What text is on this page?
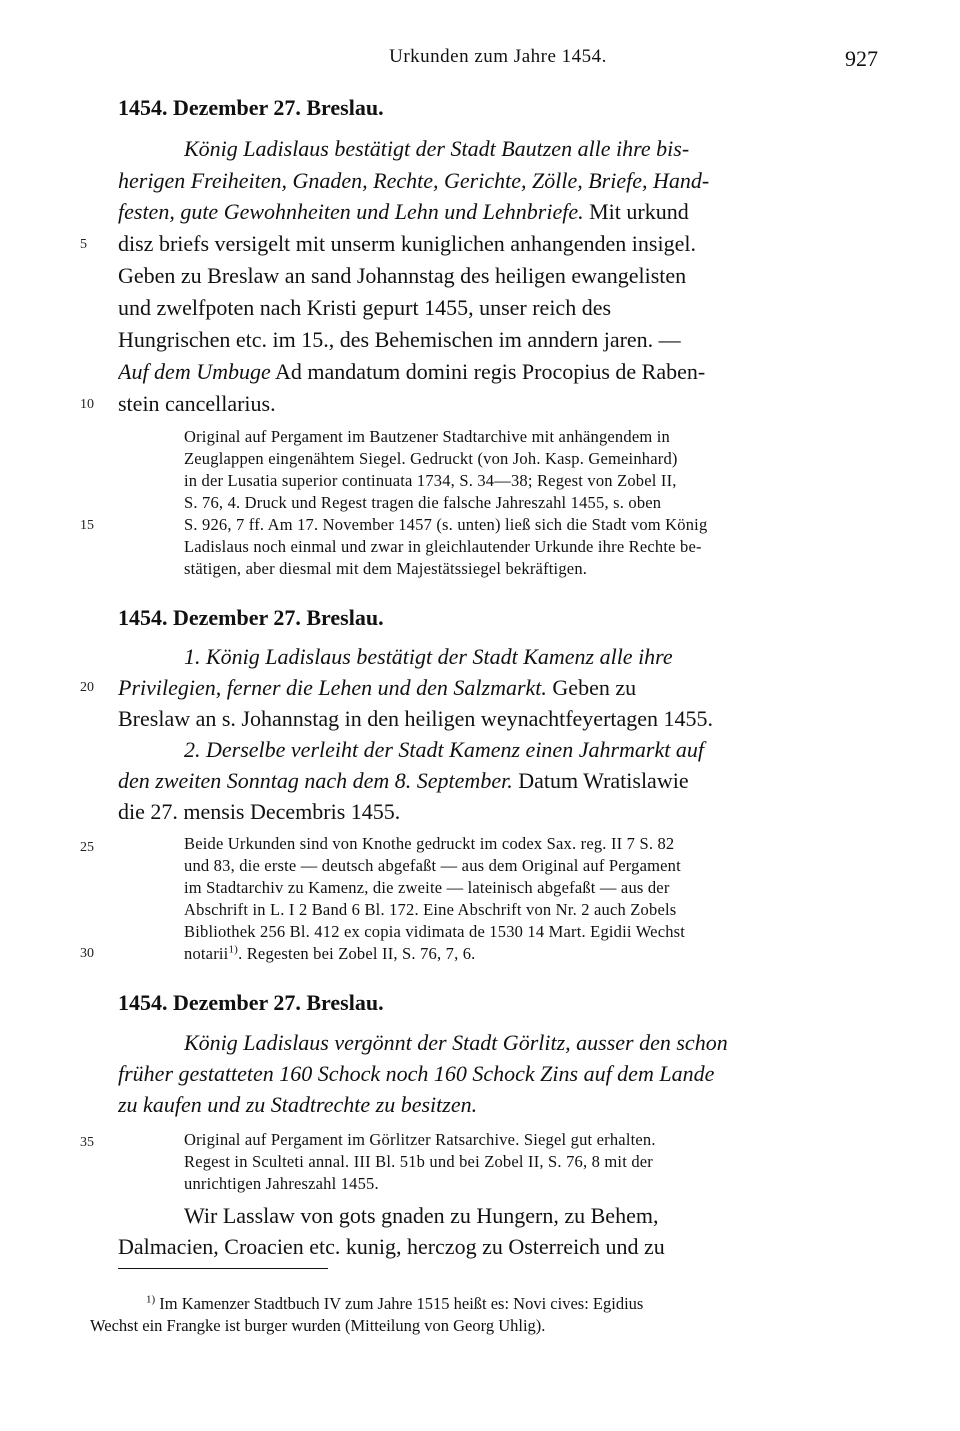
Urkunden zum Jahre 1454.	927
5
10
15
20
25
30
35
1454. Dezember 27. Breslau.
König Ladislaus bestätigt der Stadt Bautzen alle ihre bis-
herigen Freiheiten, Gnaden, Rechte, Gerichte, Zölle, Briefe, Hand-
festen, gute Gewohnheiten und Lehn und Lehnbriefe. Mit urkund
disz briefs versigelt mit unserm kuniglichen anhangenden insigel.
Geben zu Breslaw an sand Johannstag des heiligen ewangelisten
und zwelfpoten nach Kristi gepurt 1455, unser reich des
Hungrischen etc. im 15., des Behemischen im anndern jaren. —
Auf dem Umbuge Ad mandatum domini regis Procopius de Raben-
stein cancellarius.
Original auf Pergament im Bautzener Stadtarchive mit anhängendem in
Zeuglappen eingenähtem Siegel. Gedruckt (von Joh. Kasp. Gemeinhard)
in der Lusatia superior continuata 1734, S. 34—38; Regest von Zobel II,
S. 76, 4. Druck und Regest tragen die falsche Jahreszahl 1455, s. oben
S. 926, 7 ff. Am 17. November 1457 (s. unten) ließ sich die Stadt vom König
Ladislaus noch einmal und zwar in gleichlautender Urkunde ihre Rechte be-
stätigen, aber diesmal mit dem Majestätssiegel bekräftigen.
1454. Dezember 27. Breslau.
1. König Ladislaus bestätigt der Stadt Kamenz alle ihre
Privilegien, ferner die Lehen und den Salzmarkt. Geben zu
Breslaw an s. Johannstag in den heiligen weynachtfeyertagen 1455.
2. Derselbe verleiht der Stadt Kamenz einen Jahrmarkt auf
den zweiten Sonntag nach dem 8. September. Datum Wratislawie
die 27. mensis Decembris 1455.
Beide Urkunden sind von Knothe gedruckt im codex Sax. reg. II 7 S. 82
und 83, die erste — deutsch abgefaßt — aus dem Original auf Pergament
im Stadtarchiv zu Kamenz, die zweite — lateinisch abgefaßt — aus der
Abschrift in L. I 2 Band 6 Bl. 172. Eine Abschrift von Nr. 2 auch Zobels
Bibliothek 256 Bl. 412 ex copia vidimata de 1530 14 Mart. Egidii Wechst
notarii$^{1)}$. Regesten bei Zobel II, S. 76, 7, 6.
1454. Dezember 27. Breslau.
König Ladislaus vergönnt der Stadt Görlitz, ausser den schon
früher gestatteten 160 Schock noch 160 Schock Zins auf dem Lande
zu kaufen und zu Stadtrechte zu besitzen.
Original auf Pergament im Görlitzer Ratsarchive. Siegel gut erhalten.
Regest in Sculteti annal. III Bl. 51b und bei Zobel II, S. 76, 8 mit der
unrichtigen Jahreszahl 1455.
Wir Lasslaw von gots gnaden zu Hungern, zu Behem,
Dalmacien, Croacien etc. kunig, herczog zu Osterreich und zu
$^{1)}$ Im Kamenzer Stadtbuch IV zum Jahre 1515 heißt es: Novi cives: Egidius
Wechst ein Frangke ist burger wurden (Mitteilung von Georg Uhlig).
